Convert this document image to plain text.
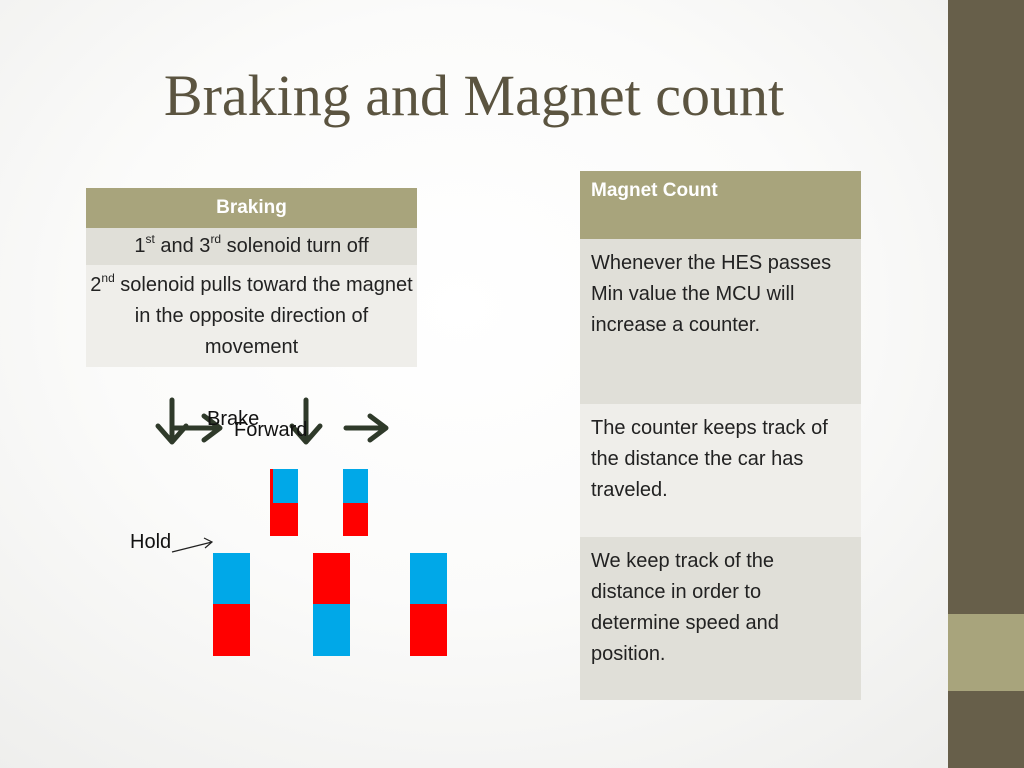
Braking and Magnet count
Braking
1st and 3rd solenoid turn off
2nd solenoid pulls toward the magnet in the opposite direction of movement
Magnet Count
Whenever the HES passes Min value the MCU will increase a counter.
The counter keeps track of the distance the car has traveled.
We keep track of the distance in order to determine speed and position.
Brake
Forward
Hold
